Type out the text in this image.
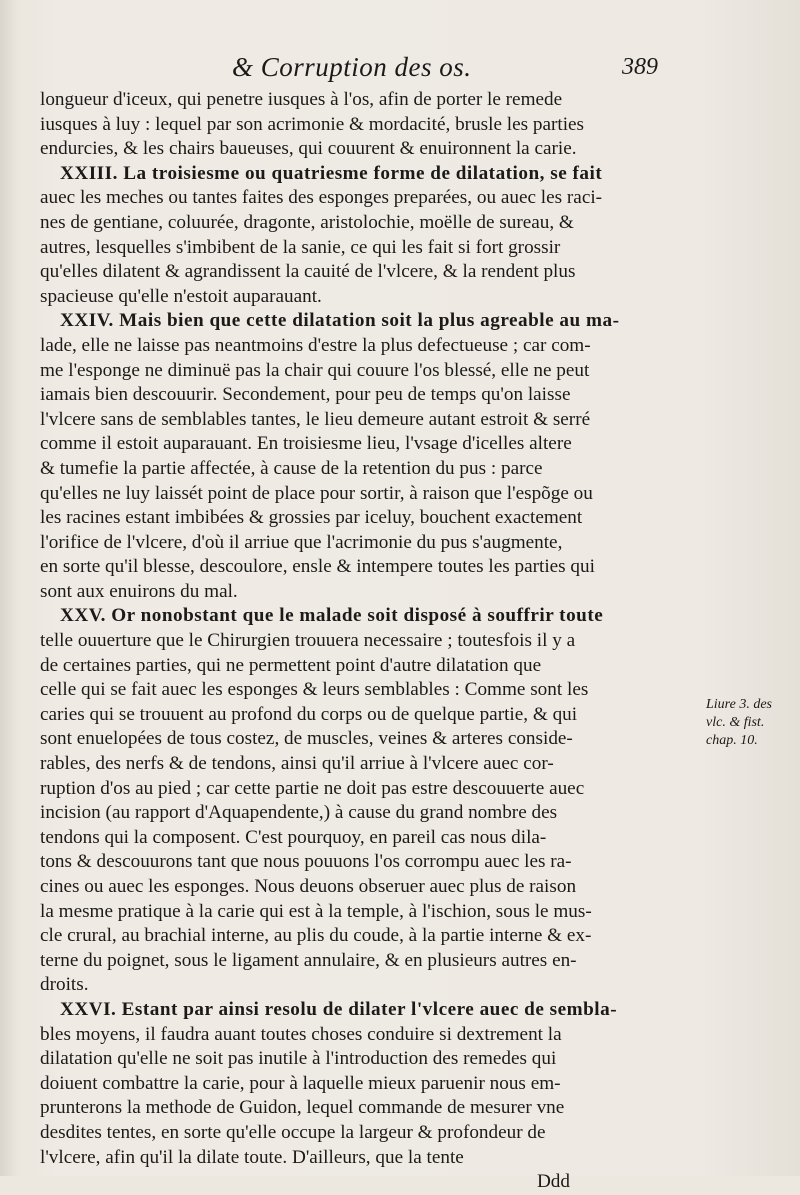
& Corruption des os.	389
longueur d'iceux, qui penetre iusques à l'os, afin de porter le remede
iusques à luy : lequel par son acrimonie & mordacité, brusle les parties
endurcies, & les chairs baueuses, qui couurent & enuironnent la carie.
XXIII. La troisiesme ou quatriesme forme de dilatation, se fait
auec les meches ou tantes faites des esponges preparées, ou auec les raci-
nes de gentiane, coluurée, dragonte, aristolochie, moëlle de sureau, &
autres, lesquelles s'imbibent de la sanie, ce qui les fait si fort grossir
qu'elles dilatent & agrandissent la cauité de l'vlcere, & la rendent plus
spacieuse qu'elle n'estoit auparauant.
XXIV. Mais bien que cette dilatation soit la plus agreable au ma-
lade, elle ne laisse pas neantmoins d'estre la plus defectueuse ; car com-
me l'esponge ne diminuë pas la chair qui couure l'os blessé, elle ne peut
iamais bien descouurir. Secondement, pour peu de temps qu'on laisse
l'vlcere sans de semblables tantes, le lieu demeure autant estroit & serré
comme il estoit auparauant. En troisiesme lieu, l'vsage d'icelles altere
& tumefie la partie affectée, à cause de la retention du pus : parce
qu'elles ne luy laissét point de place pour sortir, à raison que l'espõge ou
les racines estant imbibées & grossies par iceluy, bouchent exactement
l'orifice de l'vlcere, d'où il arriue que l'acrimonie du pus s'augmente,
en sorte qu'il blesse, descoulore, ensle & intempere toutes les parties qui
sont aux enuirons du mal.
XXV. Or nonobstant que le malade soit disposé à souffrir toute
telle ouuerture que le Chirurgien trouuera necessaire ; toutesfois il y a
de certaines parties, qui ne permettent point d'autre dilatation que
celle qui se fait auec les esponges & leurs semblables : Comme sont les
caries qui se trouuent au profond du corps ou de quelque partie, & qui
sont enuelopées de tous costez, de muscles, veines & arteres conside-
rables, des nerfs & de tendons, ainsi qu'il arriue à l'vlcere auec cor-
ruption d'os au pied ; car cette partie ne doit pas estre descouuerte auec
incision (au rapport d'Aquapendente,) à cause du grand nombre des
tendons qui la composent. C'est pourquoy, en pareil cas nous dila-
tons & descouurons tant que nous pouuons l'os corrompu auec les ra-
cines ou auec les esponges. Nous deuons obseruer auec plus de raison
la mesme pratique à la carie qui est à la temple, à l'ischion, sous le mus-
cle crural, au brachial interne, au plis du coude, à la partie interne & ex-
terne du poignet, sous le ligament annulaire, & en plusieurs autres en-
droits.
XXVI. Estant par ainsi resolu de dilater l'vlcere auec de sembla-
bles moyens, il faudra auant toutes choses conduire si dextrement la
dilatation qu'elle ne soit pas inutile à l'introduction des remedes qui
doiuent combattre la carie, pour à laquelle mieux paruenir nous em-
prunterons la methode de Guidon, lequel commande de mesurer vne
desdites tentes, en sorte qu'elle occupe la largeur & profondeur de
l'vlcere, afin qu'il la dilate toute. D'ailleurs, que la tente
Ddd
Liure 3. des
vlc. & fist.
chap. 10.
